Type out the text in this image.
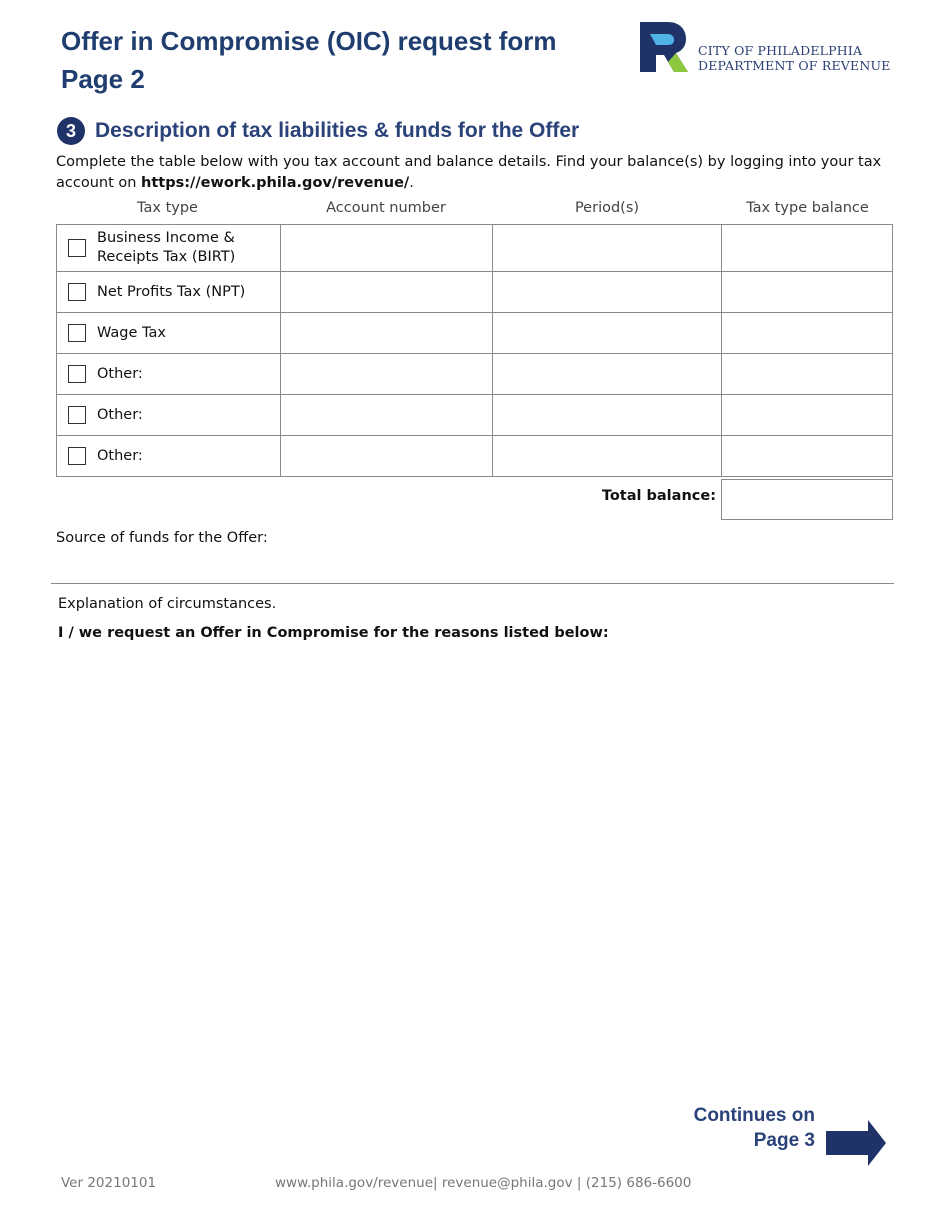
Offer in Compromise (OIC) request form
Page 2
CITY OF PHILADELPHIA
DEPARTMENT OF REVENUE
3 Description of tax liabilities & funds for the Offer
Complete the table below with you tax account and balance details. Find your balance(s) by logging into your tax account on https://ework.phila.gov/revenue/.
Tax type	Account number	Period(s)	Tax type balance
Business Income &
Receipts Tax (BIRT)			

Net Profits Tax (NPT)			

Wage Tax			

Other:			

Other:			

Other:			

Total balance:
Source of funds for the Offer:
Explanation of circumstances.
I / we request an Offer in Compromise for the reasons listed below:
Continues on
Page 3
Ver 20210101	www.phila.gov/revenue| revenue@phila.gov | (215) 686-6600
